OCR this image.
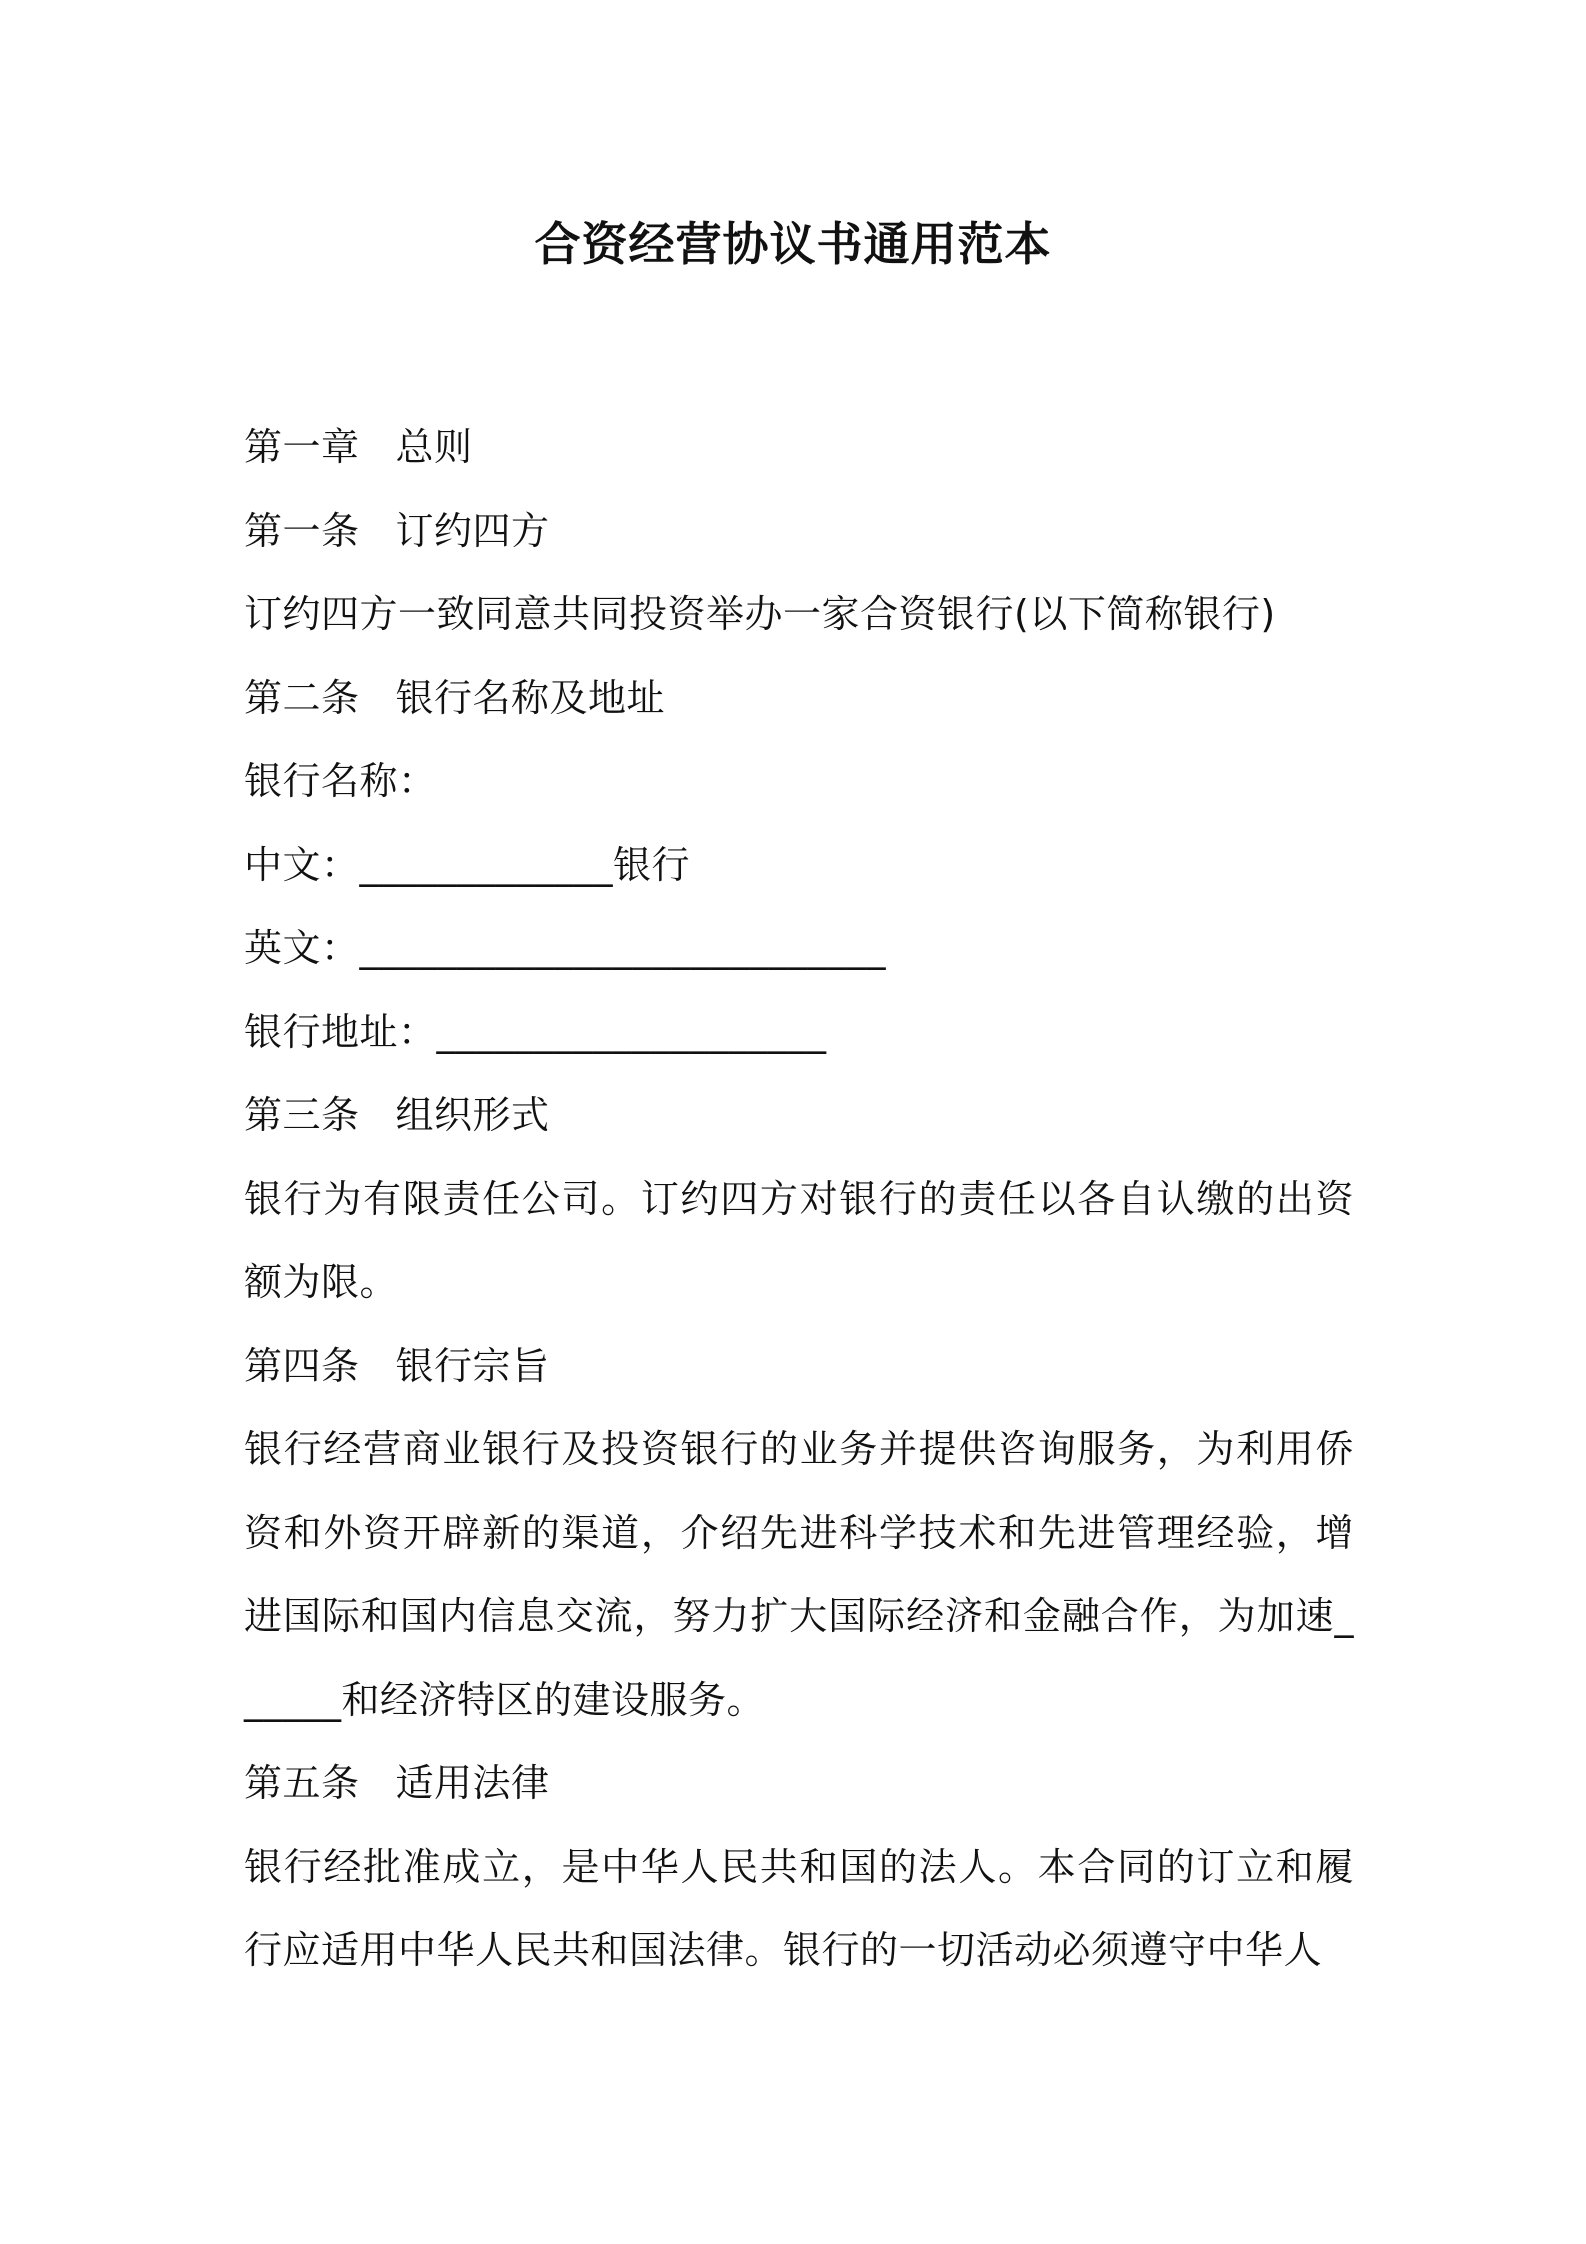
合资经营协议书通用范本
第一章 总则
第一条 订约四方
订约四方一致同意共同投资举办一家合资银行(以下简称银行)
第二条 银行名称及地址
银行名称：
中文：_____________银行
英文：___________________________
银行地址：____________________
第三条 组织形式
银行为有限责任公司。订约四方对银行的责任以各自认缴的出资额为限。
第四条 银行宗旨
银行经营商业银行及投资银行的业务并提供咨询服务，为利用侨资和外资开辟新的渠道，介绍先进科学技术和先进管理经验，增进国际和国内信息交流，努力扩大国际经济和金融合作，为加速______和经济特区的建设服务。
第五条 适用法律
银行经批准成立，是中华人民共和国的法人。本合同的订立和履行应适用中华人民共和国法律。银行的一切活动必须遵守中华人
